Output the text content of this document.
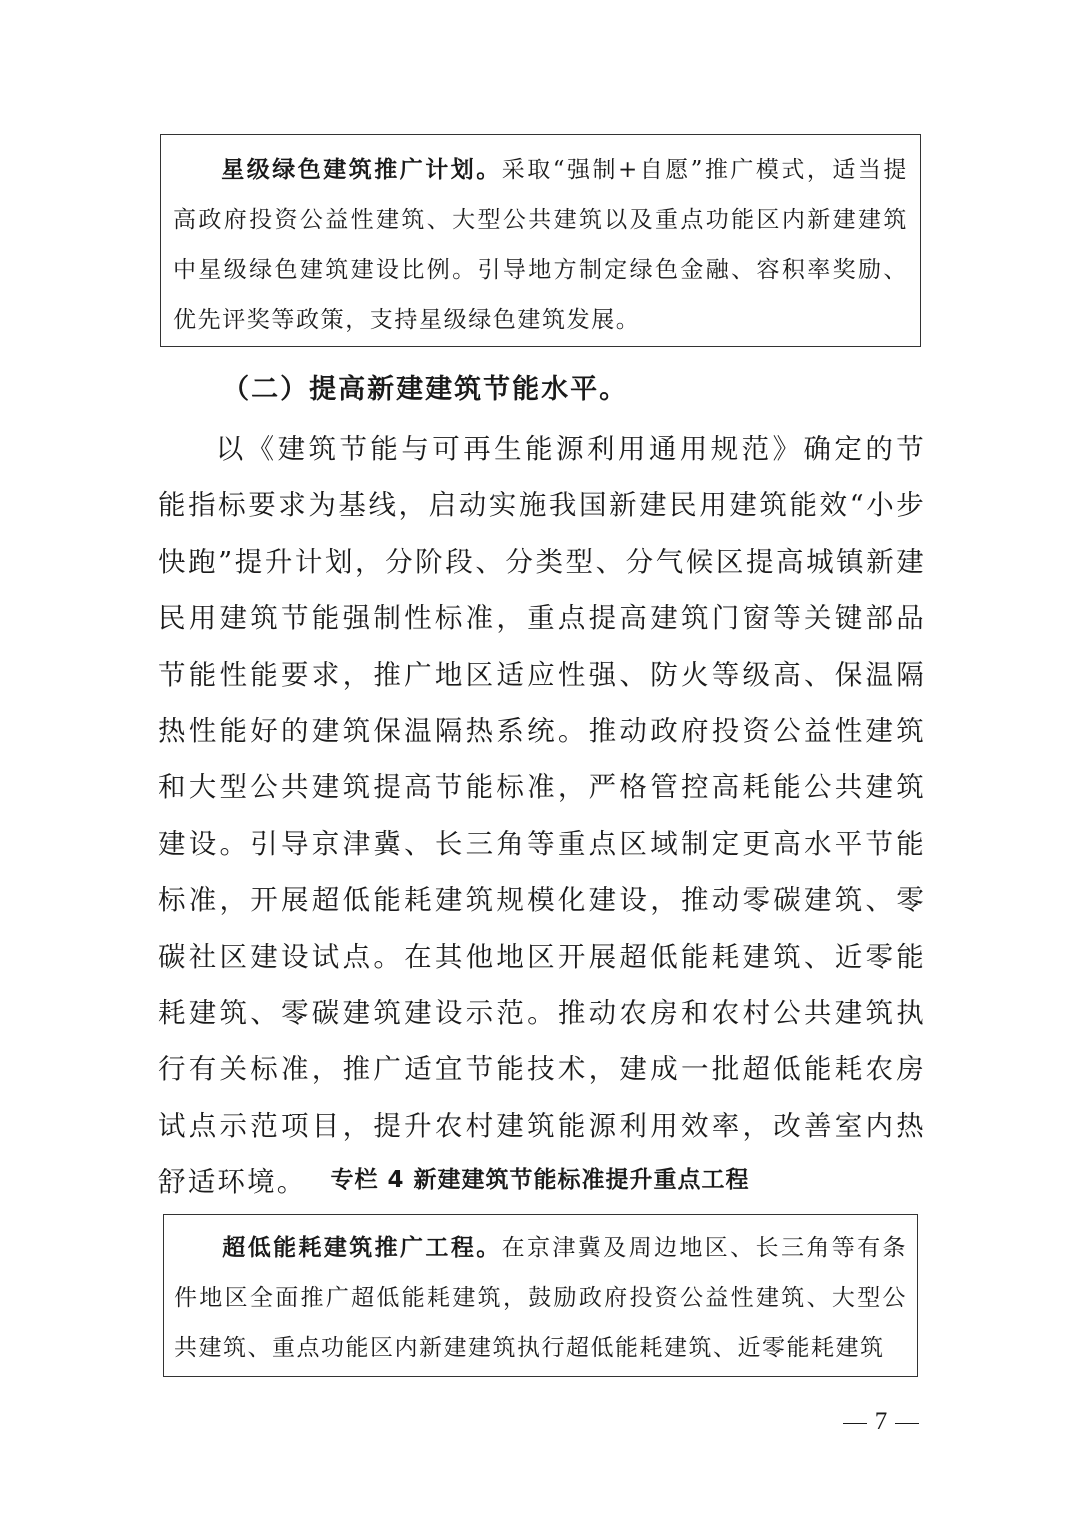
星级绿色建筑推广计划。采取“强制+自愿”推广模式，适当提高政府投资公益性建筑、大型公共建筑以及重点功能区内新建建筑中星级绿色建筑建设比例。引导地方制定绿色金融、容积率奖励、优先评奖等政策，支持星级绿色建筑发展。

（二）提高新建建筑节能水平。

以《建筑节能与可再生能源利用通用规范》确定的节能指标要求为基线，启动实施我国新建民用建筑能效“小步快跑”提升计划，分阶段、分类型、分气候区提高城镇新建民用建筑节能强制性标准，重点提高建筑门窗等关键部品节能性能要求，推广地区适应性强、防火等级高、保温隔热性能好的建筑保温隔热系统。推动政府投资公益性建筑和大型公共建筑提高节能标准，严格管控高耗能公共建筑建设。引导京津冀、长三角等重点区域制定更高水平节能标准，开展超低能耗建筑规模化建设，推动零碳建筑、零碳社区建设试点。在其他地区开展超低能耗建筑、近零能耗建筑、零碳建筑建设示范。推动农房和农村公共建筑执行有关标准，推广适宜节能技术，建成一批超低能耗农房试点示范项目，提升农村建筑能源利用效率，改善室内热舒适环境。	专栏 4 新建建筑节能标准提升重点工程

超低能耗建筑推广工程。在京津冀及周边地区、长三角等有条件地区全面推广超低能耗建筑，鼓励政府投资公益性建筑、大型公共建筑、重点功能区内新建建筑执行超低能耗建筑、近零能耗建筑

7
